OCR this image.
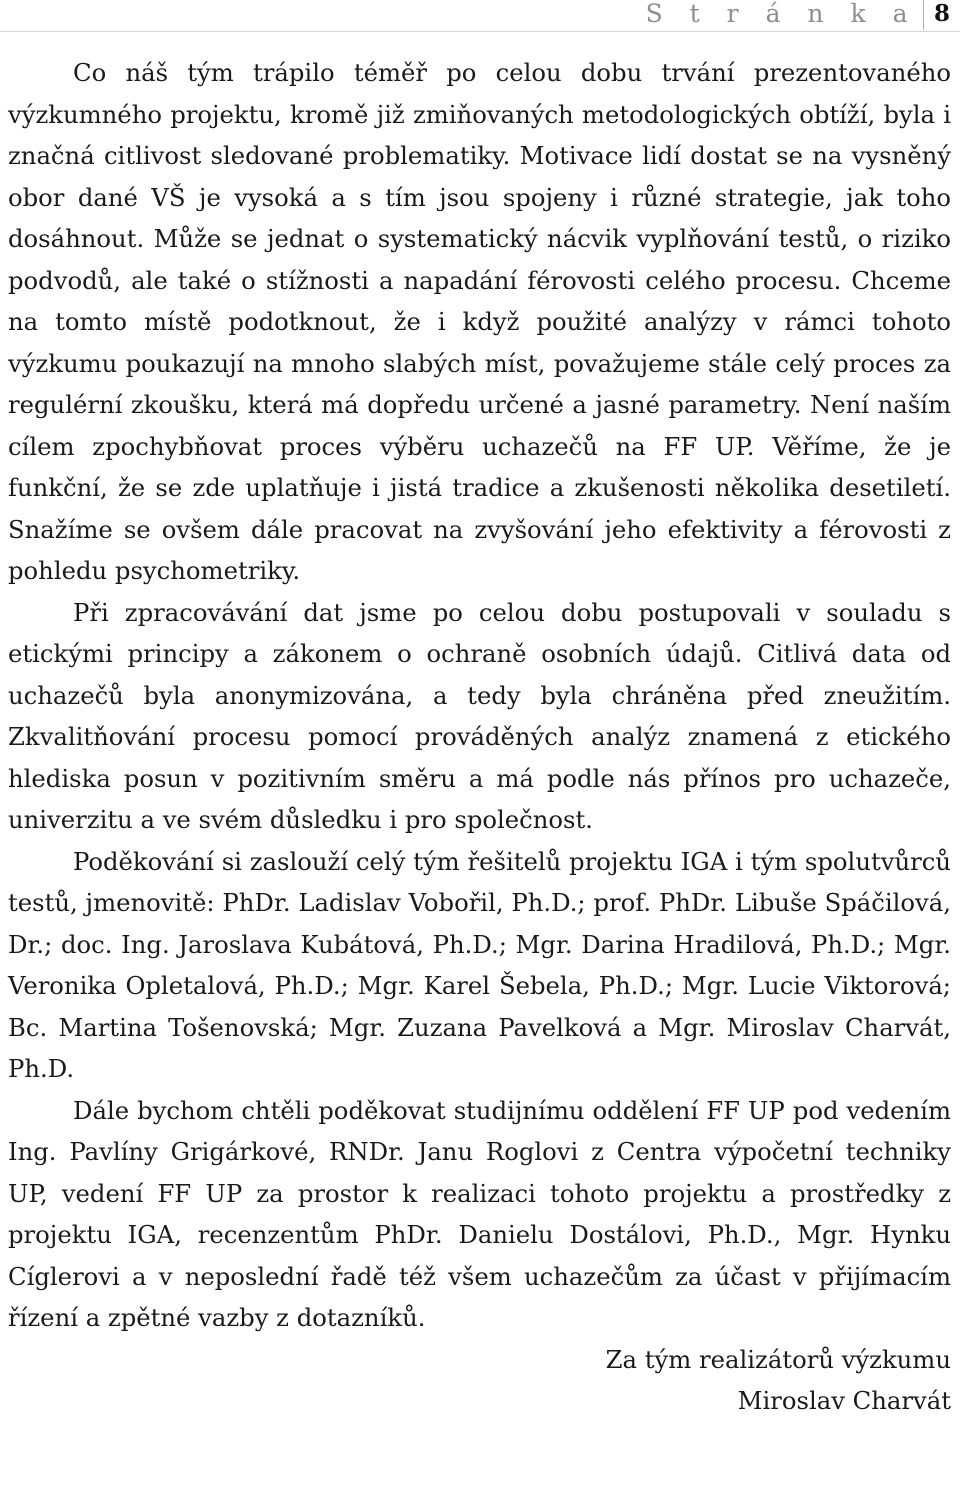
S t r á n k a 8

Co náš tým trápilo téměř po celou dobu trvání prezentovaného výzkumného projektu, kromě již zmiňovaných metodologických obtíží, byla i značná citlivost sledované problematiky. Motivace lidí dostat se na vysněný obor dané VŠ je vysoká a s tím jsou spojeny i různé strategie, jak toho dosáhnout. Může se jednat o systematický nácvik vyplňování testů, o riziko podvodů, ale také o stížnosti a napadání férovosti celého procesu. Chceme na tomto místě podotknout, že i když použité analýzy v rámci tohoto výzkumu poukazují na mnoho slabých míst, považujeme stále celý proces za regulérní zkoušku, která má dopředu určené a jasné parametry. Není naším cílem zpochybňovat proces výběru uchazečů na FF UP. Věříme, že je funkční, že se zde uplatňuje i jistá tradice a zkušenosti několika desetiletí. Snažíme se ovšem dále pracovat na zvyšování jeho efektivity a férovosti z pohledu psychometriky.

Při zpracovávání dat jsme po celou dobu postupovali v souladu s etickými principy a zákonem o ochraně osobních údajů. Citlivá data od uchazečů byla anonymizována, a tedy byla chráněna před zneužitím. Zkvalitňování procesu pomocí prováděných analýz znamená z etického hlediska posun v pozitivním směru a má podle nás přínos pro uchazeče, univerzitu a ve svém důsledku i pro společnost.

Poděkování si zaslouží celý tým řešitelů projektu IGA i tým spolutvůrců testů, jmenovitě: PhDr. Ladislav Vobořil, Ph.D.; prof. PhDr. Libuše Spáčilová, Dr.; doc. Ing. Jaroslava Kubátová, Ph.D.; Mgr. Darina Hradilová, Ph.D.; Mgr. Veronika Opletalová, Ph.D.; Mgr. Karel Šebela, Ph.D.; Mgr. Lucie Viktorová; Bc. Martina Tošenovská; Mgr. Zuzana Pavelková a Mgr. Miroslav Charvát, Ph.D.

Dále bychom chtěli poděkovat studijnímu oddělení FF UP pod vedením Ing. Pavlíny Grigárkové, RNDr. Janu Roglovi z Centra výpočetní techniky UP, vedení FF UP za prostor k realizaci tohoto projektu a prostředky z projektu IGA, recenzentům PhDr. Danielu Dostálovi, Ph.D., Mgr. Hynku Cíglerovi a v neposlední řadě též všem uchazečům za účast v přijímacím řízení a zpětné vazby z dotazníků.

Za tým realizátorů výzkumu

Miroslav Charvát
